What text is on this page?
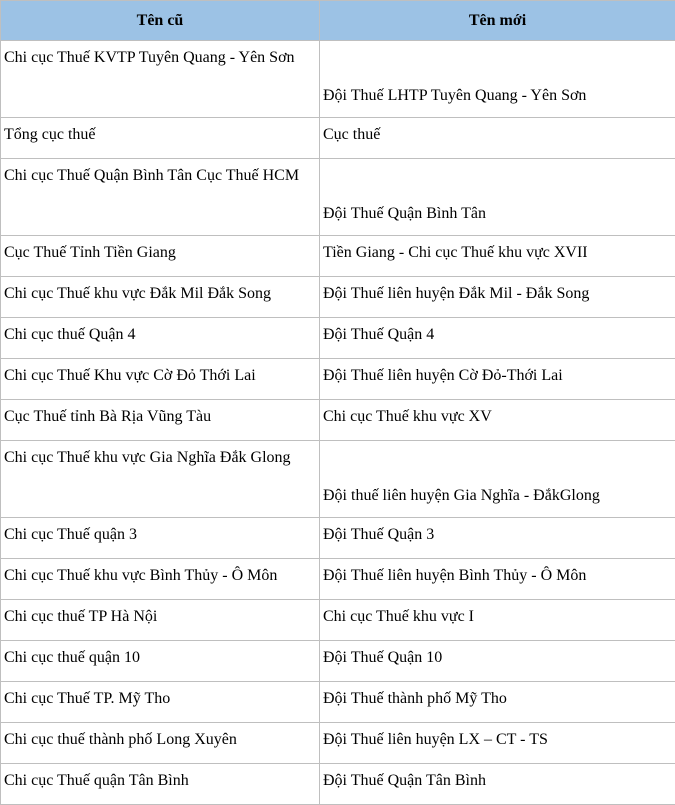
Tên cũ	Tên mới
Chi cục Thuế KVTP Tuyên Quang - Yên Sơn	Đội Thuế LHTP Tuyên Quang - Yên Sơn
Tổng cục thuế	Cục thuế
Chi cục Thuế Quận Bình Tân Cục Thuế HCM	Đội Thuế Quận Bình Tân
Cục Thuế Tỉnh Tiền Giang	Tiền Giang - Chi cục Thuế khu vực XVII
Chi cục Thuế khu vực Đắk Mil Đắk Song	Đội Thuế liên huyện Đắk Mil - Đắk Song
Chi cục thuế Quận 4	Đội Thuế Quận 4
Chi cục Thuế Khu vực Cờ Đỏ Thới Lai	Đội Thuế liên huyện Cờ Đỏ-Thới Lai
Cục Thuế tỉnh Bà Rịa Vũng Tàu	Chi cục Thuế khu vực XV
Chi cục Thuế khu vực Gia Nghĩa Đắk Glong	Đội thuế liên huyện Gia Nghĩa - ĐắkGlong
Chi cục Thuế quận 3	Đội Thuế Quận 3
Chi cục Thuế khu vực Bình Thủy - Ô Môn	Đội Thuế liên huyện Bình Thủy - Ô Môn
Chi cục thuế TP Hà Nội	Chi cục Thuế khu vực I
Chi cục thuế quận 10	Đội Thuế Quận 10
Chi cục Thuế TP. Mỹ Tho	Đội Thuế thành phố Mỹ Tho
Chi cục thuế thành phố Long Xuyên	Đội Thuế liên huyện LX – CT - TS
Chi cục Thuế quận Tân Bình	Đội Thuế Quận Tân Bình
